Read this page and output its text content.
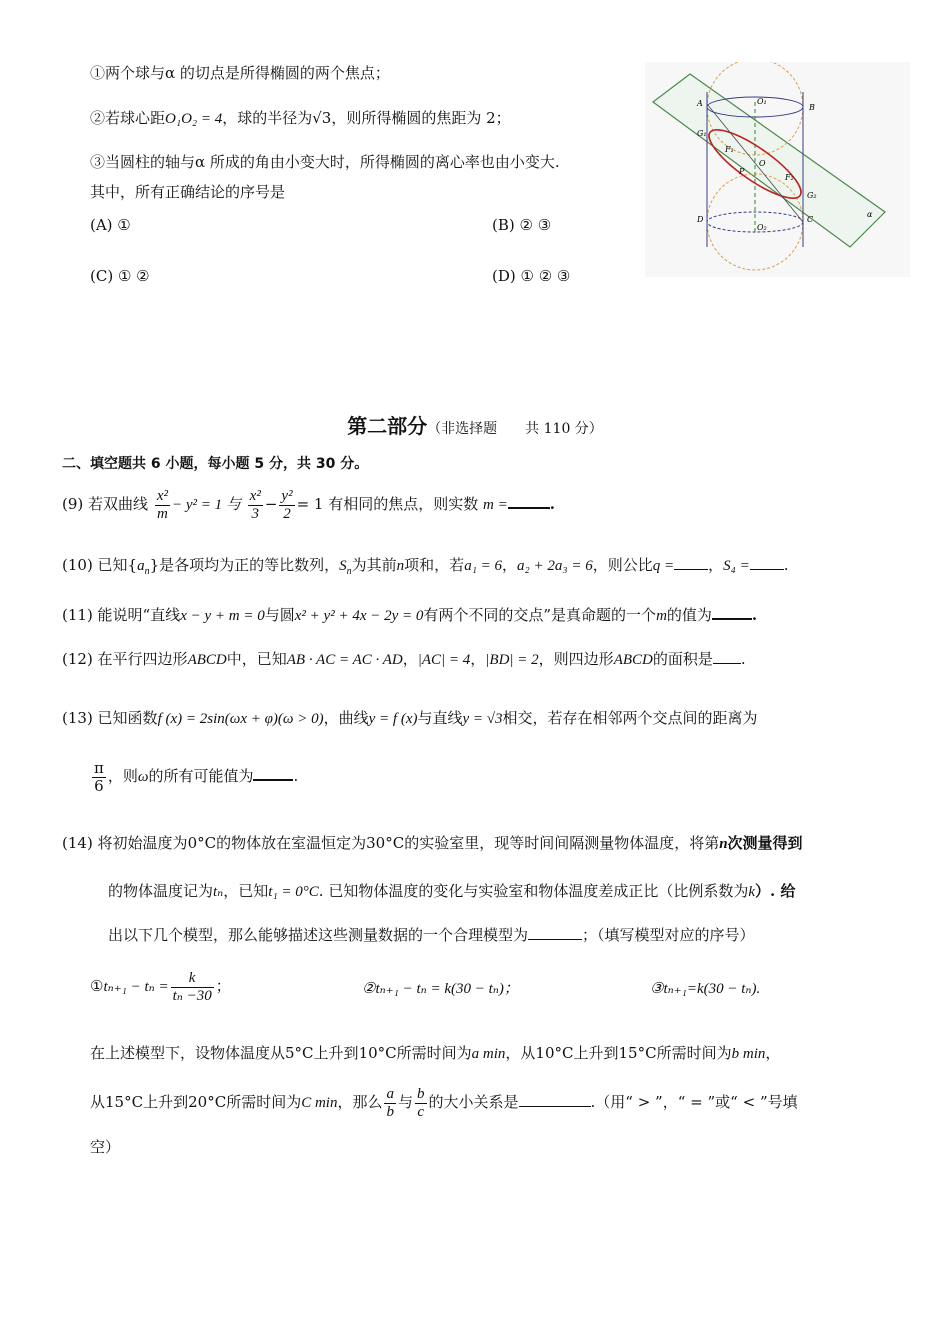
①两个球与α 的切点是所得椭圆的两个焦点；
②若球心距O₁O₂ = 4，球的半径为√3，则所得椭圆的焦距为 2；
③当圆柱的轴与α 所成的角由小变大时，所得椭圆的离心率也由小变大.
其中，所有正确结论的序号是
(A) ①	(B) ② ③
(C) ① ②	(D) ① ② ③
A	O₁
B
G₁
F₁
P
O
F₂
G₂
D	C
O₂
α
第二部分（非选择题　　共 110 分）
二、填空题共 6 小题，每小题 5 分，共 30 分。
(9) 若双曲线 $\frac{\text{x²}}{m} - y^2 = 1$ 与 $\frac{\text{x²}}{3} - \frac{\text{y²}}{2} = 1$ 有相同的焦点，则实数 m =	.
(10) 已知$\{a_n\}$是各项均为正的等比数列，$S_n$为其前n项和，若a₁ = 6，a₂ + 2a₃ = 6，则公比q = ，S₄ = .
(11) 能说明“直线x − y + m = 0与圆x² + y² + 4x − 2y = 0有两个不同的交点”是真命题的一个m的值为	.
(12) 在平行四边形ABCD中，已知AB · AC = AC · AD，|AC| = 4，|BD| = 2，则四边形ABCD的面积是 .
(13) 已知函数f (x) = 2sin(ωx + φ)(ω > 0)，曲线y = f (x)与直线y = √3相交，若存在相邻两个交点间的距离为
$\frac{\pi}{6}$ ，则ω的所有可能值为	.
(14) 将初始温度为0°C的物体放在室温恒定为30°C的实验室里，现等时间间隔测量物体温度，将第n次测量得到
的物体温度记为tₙ，已知t₁ = 0°C. 已知物体温度的变化与实验室和物体温度差成正比（比例系数为k）. 给
出以下几个模型，那么能够描述这些测量数据的一个合理模型为	；（填写模型对应的序号）
①tₙ₊₁ − $t_n = \frac{k}{\text{tₙ −30}}$ ；	②tₙ₊₁ − tₙ = k(30 − tₙ)；	③tₙ₊₁=k(30 − tₙ).
在上述模型下，设物体温度从5°C上升到10°C所需时间为a min，从10°C上升到15°C所需时间为b min，
从15°C上升到20°C所需时间为C min，那么 $\frac{a}{b}$ 与 $\frac{b}{c}$ 的大小关系是	.（用“ > ”，“ = ”或“ < ”号填
空）
